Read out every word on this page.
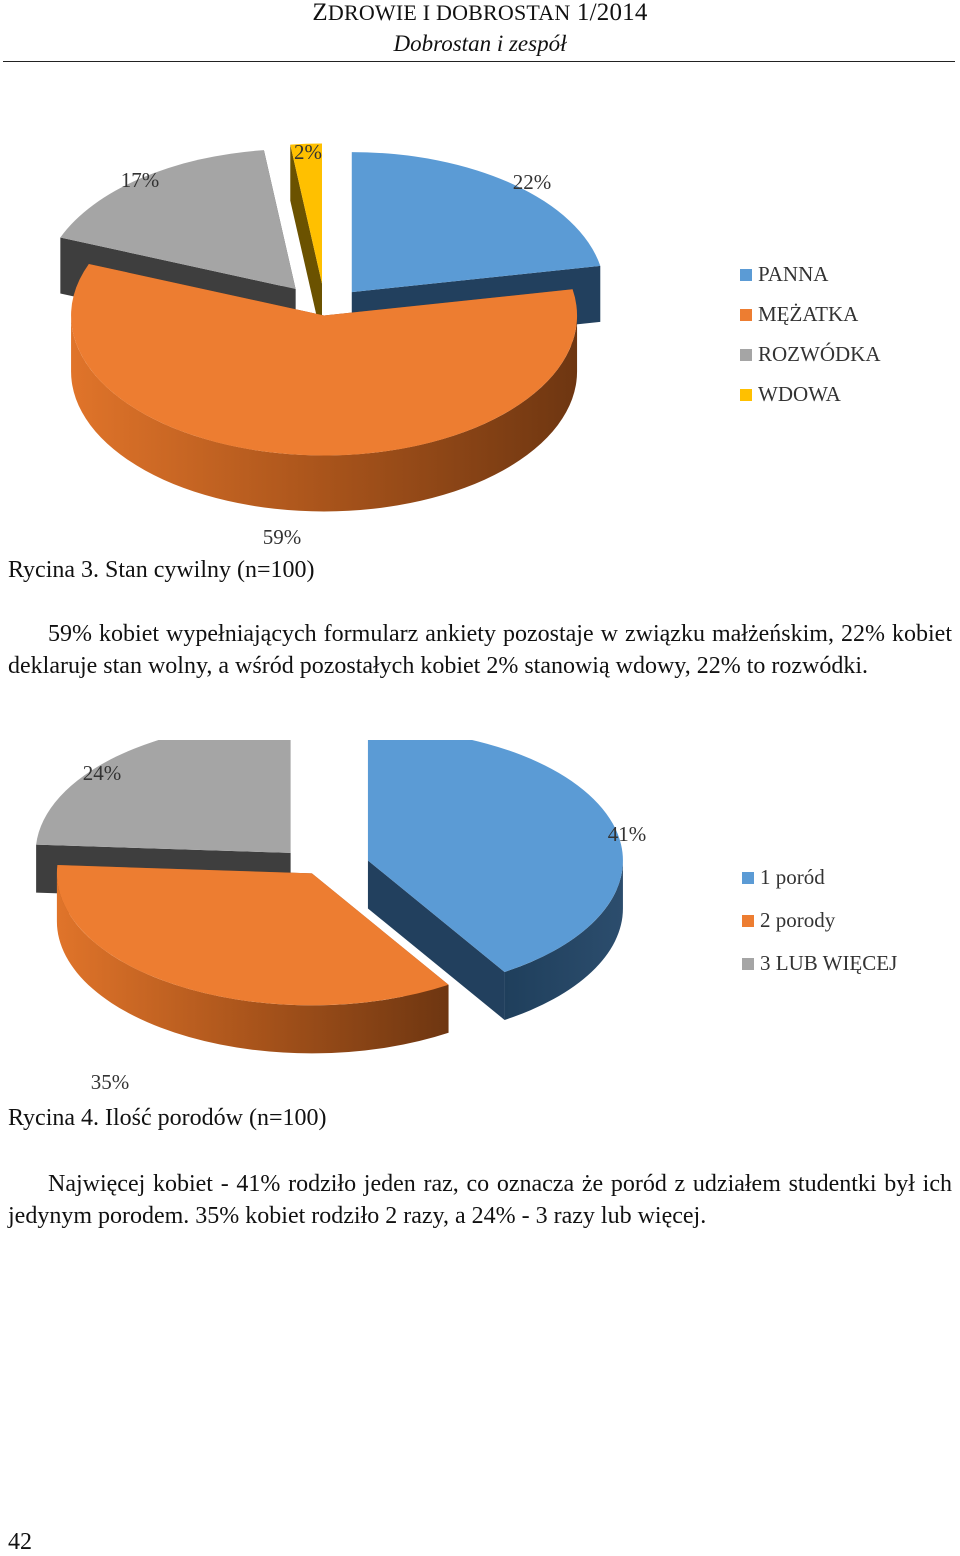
ZDROWIE I DOBROSTAN 1/2014
Dobrostan i zespół
22%
59%
17%
2%
PANNA
MĘŻATKA
ROZWÓDKA
WDOWA
Rycina 3. Stan cywilny (n=100)
59% kobiet wypełniających formularz ankiety pozostaje w związku małżeńskim, 22% kobiet deklaruje stan wolny, a wśród pozostałych kobiet 2% stanowią wdowy, 22% to rozwódki.
41%
35%
24%
1 poród
2 porody
3 LUB WIĘCEJ
Rycina 4. Ilość porodów (n=100)
Najwięcej kobiet - 41% rodziło jeden raz, co oznacza że poród z udziałem studentki był ich jedynym porodem. 35% kobiet rodziło 2 razy, a 24% - 3 razy lub więcej.
42
